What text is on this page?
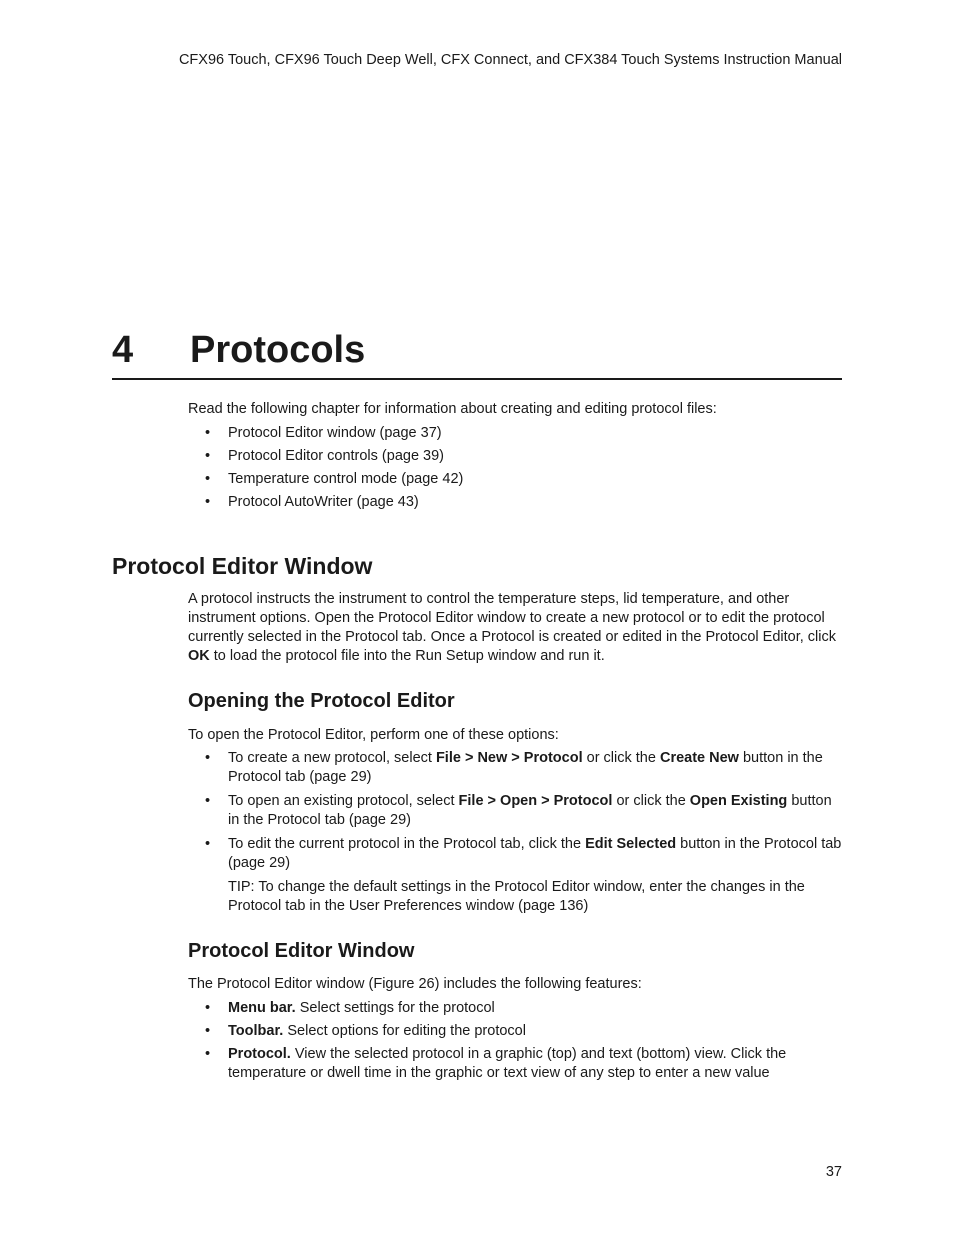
CFX96 Touch, CFX96 Touch Deep Well, CFX Connect, and CFX384 Touch Systems Instruction Manual
4 Protocols
Read the following chapter for information about creating and editing protocol files:
• Protocol Editor window (page 37)
• Protocol Editor controls (page 39)
• Temperature control mode (page 42)
• Protocol AutoWriter (page 43)
Protocol Editor Window
A protocol instructs the instrument to control the temperature steps, lid temperature, and other instrument options. Open the Protocol Editor window to create a new protocol or to edit the protocol currently selected in the Protocol tab. Once a Protocol is created or edited in the Protocol Editor, click OK to load the protocol file into the Run Setup window and run it.
Opening the Protocol Editor
To open the Protocol Editor, perform one of these options:
• To create a new protocol, select File > New > Protocol or click the Create New button in the Protocol tab (page 29)
• To open an existing protocol, select File > Open > Protocol or click the Open Existing button in the Protocol tab (page 29)
• To edit the current protocol in the Protocol tab, click the Edit Selected button in the Protocol tab (page 29)
TIP: To change the default settings in the Protocol Editor window, enter the changes in the Protocol tab in the User Preferences window (page 136)
Protocol Editor Window
The Protocol Editor window (Figure 26) includes the following features:
• Menu bar. Select settings for the protocol
• Toolbar. Select options for editing the protocol
• Protocol. View the selected protocol in a graphic (top) and text (bottom) view. Click the temperature or dwell time in the graphic or text view of any step to enter a new value
37
